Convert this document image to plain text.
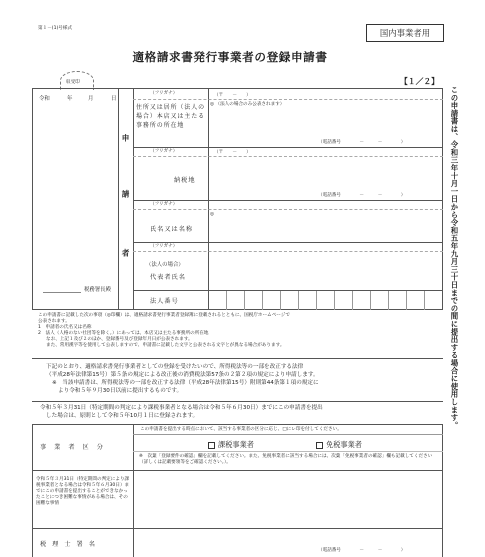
第１－(1)号様式	国内事業者用
適格請求書発行事業者の登録申請書
【１／２】
収受印
令和	年	月	日
申
請
者
（フリガナ）
住所又は居所（法人の場合）本店又は主たる事務所の所在地
（〒　　－　　）
◎ （法人の場合のみ公表されます）
（電話番号　　　　－　　　－　　　　）
（フリガナ）	（〒　　－　　）
納税地
（電話番号　　　　－　　　－　　　　）
（フリガナ）
◎
氏名又は名称
（フリガナ）
（法人の場合）
代表者氏名
法人番号
税務署長殿
この申請書に記載した次の事項（◎印欄）は、適格請求書発行事業者登録簿に登載されるとともに、国税庁ホームページで
公表されます。
1　申請者の氏名又は名称
2　法人（人格のない社団等を除く。）にあっては、本店又は主たる事務所の所在地
なお、上記１及び２のほか、登録番号及び登録年月日が公表されます。
また、常用漢字等を使用して公表しますので、申請書に記載した文字と公表される文字とが異なる場合があります。
下記のとおり、適格請求書発行事業者としての登録を受けたいので、所得税法等の一部を改正する法律
（平成28年法律第15号）第５条の規定による改正後の消費税法第57条の２第２項の規定により申請します。
※　当該申請書は、所得税法等の一部を改正する法律（平成28年法律第15号）附則第44条第１項の規定に
より令和５年９月30日以前に提出するものです。
令和５年３月31日（特定期間の判定により課税事業者となる場合は令和５年６月30日）までにこの申請書を提出
した場合は、原則として令和５年10月１日に登録されます。
事業者区分
この申請書を提出する時点において、該当する事業者の区分に応じ、□にレ印を付してください。
課税事業者	免税事業者
※　次葉「登録要件の確認」欄を記載してください。また、免税事業者に該当する場合には、次葉「免税事業者の確認」欄も記載してください（詳しくは記載要領等をご確認ください。）。
令和５年３月31日（特定期間の判定により課税事業者となる場合は令和５年６月30日）までにこの申請書を提出することができなかったことにつき困難な事情がある場合は、その困難な事情
税理士署名
（電話番号　　　　－　　　－　　　　）
この申請書は、令和三年十月一日から令和五年九月三十日までの間に提出する場合に使用します。
